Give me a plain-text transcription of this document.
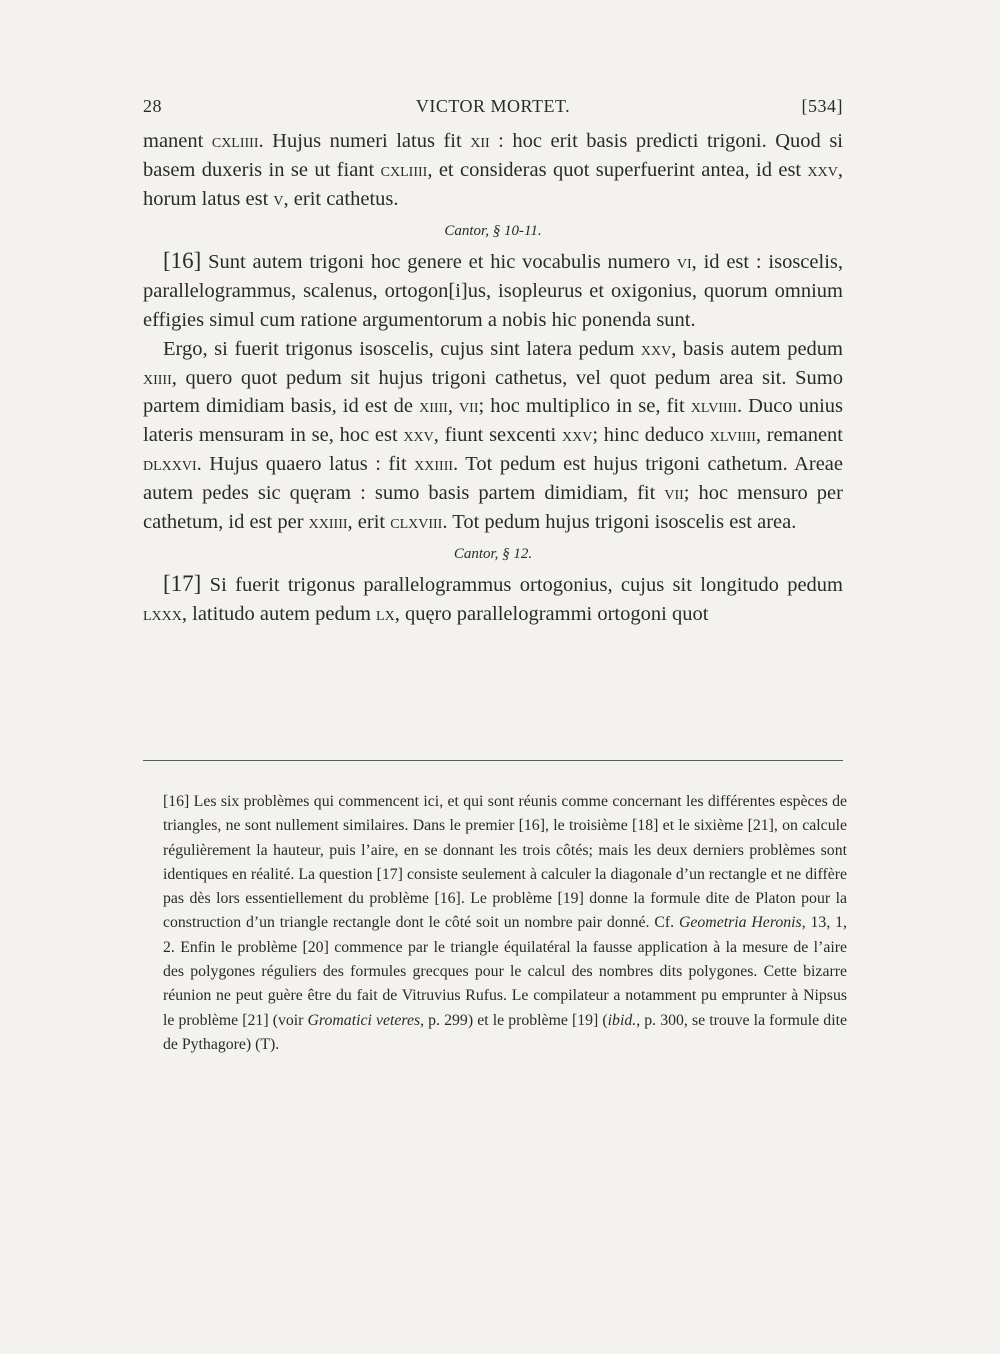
28	VICTOR MORTET.	[534]

manent cxliiii. Hujus numeri latus fit xii : hoc erit basis predicti trigoni. Quod si basem duxeris in se ut fiant cxliiii, et consideras quot superfuerint antea, id est xxv, horum latus est v, erit cathetus.

Cantor, § 10-11.

[16] Sunt autem trigoni hoc genere et hic vocabulis numero vi, id est : isoscelis, parallelogrammus, scalenus, ortogon[i]us, isopleurus et oxigonius, quorum omnium effigies simul cum ratione argumentorum a nobis hic ponenda sunt.

Ergo, si fuerit trigonus isoscelis, cujus sint latera pedum xxv, basis autem pedum xiiii, quero quot pedum sit hujus trigoni cathetus, vel quot pedum area sit. Sumo partem dimidiam basis, id est de xiiii, vii; hoc multiplico in se, fit xlviiii. Duco unius lateris mensuram in se, hoc est xxv, fiunt sexcenti xxv; hinc deduco xlviiii, remanent dlxxvi. Hujus quaero latus : fit xxiiii. Tot pedum est hujus trigoni cathetum. Areae autem pedes sic quęram : sumo basis partem dimidiam, fit vii; hoc mensuro per cathetum, id est per xxiiii, erit clxviii. Tot pedum hujus trigoni isoscelis est area.

Cantor, § 12.

[17] Si fuerit trigonus parallelogrammus ortogonius, cujus sit longitudo pedum lxxx, latitudo autem pedum lx, quęro parallelogrammi ortogoni quot

[16] Les six problèmes qui commencent ici, et qui sont réunis comme concernant les différentes espèces de triangles, ne sont nullement similaires. Dans le premier [16], le troisième [18] et le sixième [21], on calcule régulièrement la hauteur, puis l’aire, en se donnant les trois côtés; mais les deux derniers problèmes sont identiques en réalité. La question [17] consiste seulement à calculer la diagonale d’un rectangle et ne diffère pas dès lors essentiellement du problème [16]. Le problème [19] donne la formule dite de Platon pour la construction d’un triangle rectangle dont le côté soit un nombre pair donné. Cf. Geometria Heronis, 13, 1, 2. Enfin le problème [20] commence par le triangle équilatéral la fausse application à la mesure de l’aire des polygones réguliers des formules grecques pour le calcul des nombres dits polygones. Cette bizarre réunion ne peut guère être du fait de Vitruvius Rufus. Le compilateur a notamment pu emprunter à Nipsus le problème [21] (voir Gromatici veteres, p. 299) et le problème [19] (ibid., p. 300, se trouve la formule dite de Pythagore) (T).
